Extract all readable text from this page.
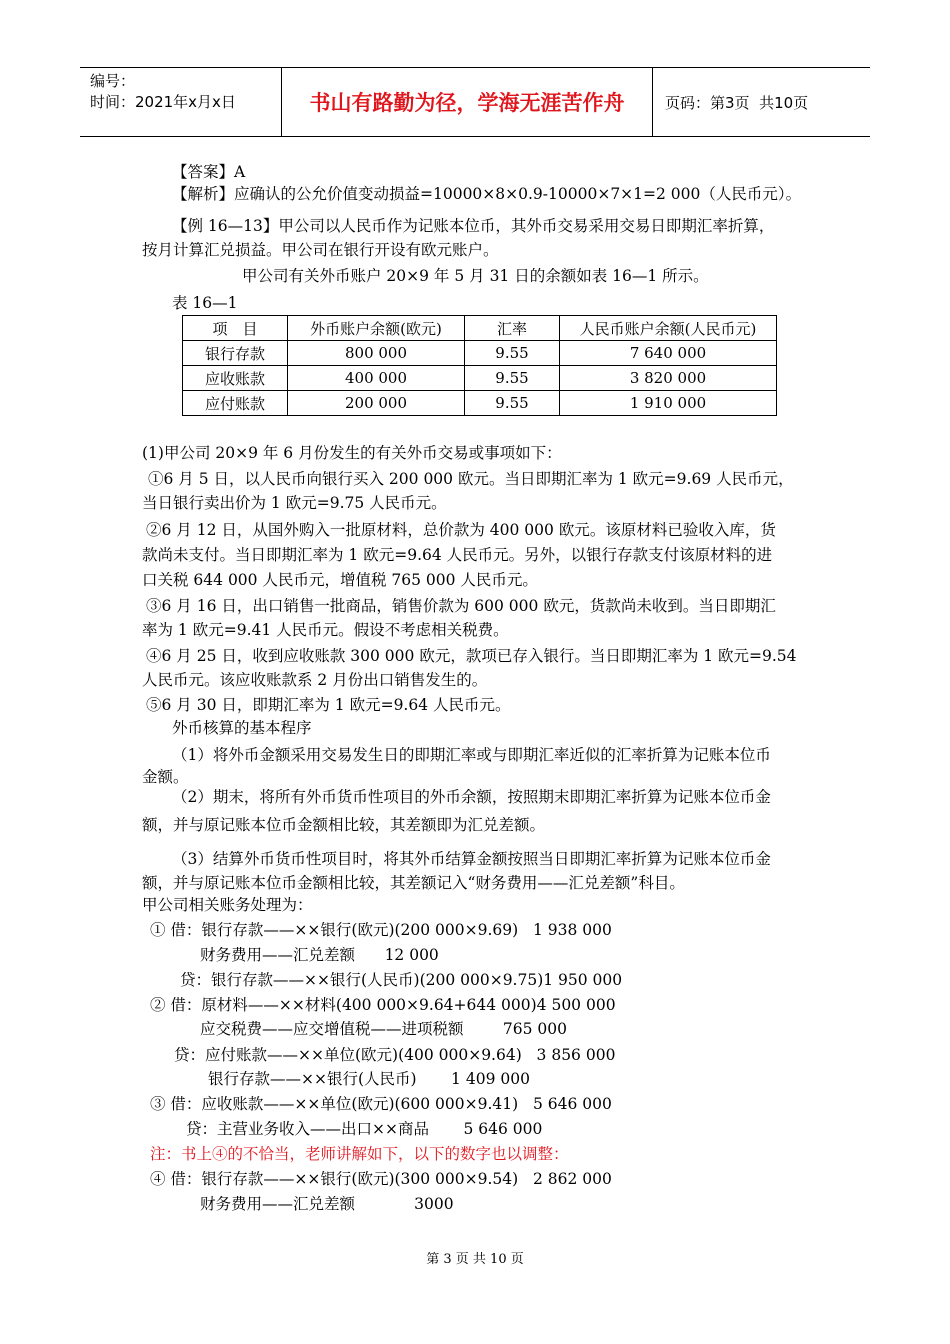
编号：
时间：2021年x月x日	书山有路勤为径，学海无涯苦作舟	页码：第3页  共10页
【答案】A
【解析】应确认的公允价值变动损益=10000×8×0.9-10000×7×1=2 000（人民币元）。
【例 16—13】甲公司以人民币作为记账本位币，其外币交易采用交易日即期汇率折算，
按月计算汇兑损益。甲公司在银行开设有欧元账户。
甲公司有关外币账户 20×9 年 5 月 31 日的余额如表 16—1 所示。
表 16—1
项　目	外币账户余额(欧元)	汇率	人民币账户余额(人民币元)
银行存款	800 000	9.55	7 640 000
应收账款	400 000	9.55	3 820 000
应付账款	200 000	9.55	1 910 000
(1)甲公司 20×9 年 6 月份发生的有关外币交易或事项如下：
①6 月 5 日，以人民币向银行买入 200 000 欧元。当日即期汇率为 1 欧元=9.69 人民币元，
当日银行卖出价为 1 欧元=9.75 人民币元。
②6 月 12 日，从国外购入一批原材料，总价款为 400 000 欧元。该原材料已验收入库，货
款尚未支付。当日即期汇率为 1 欧元=9.64 人民币元。另外，以银行存款支付该原材料的进
口关税 644 000 人民币元，增值税 765 000 人民币元。
③6 月 16 日，出口销售一批商品，销售价款为 600 000 欧元，货款尚未收到。当日即期汇
率为 1 欧元=9.41 人民币元。假设不考虑相关税费。
④6 月 25 日，收到应收账款 300 000 欧元，款项已存入银行。当日即期汇率为 1 欧元=9.54
人民币元。该应收账款系 2 月份出口销售发生的。
⑤6 月 30 日，即期汇率为 1 欧元=9.64 人民币元。
外币核算的基本程序
（1）将外币金额采用交易发生日的即期汇率或与即期汇率近似的汇率折算为记账本位币
金额。
（2）期末，将所有外币货币性项目的外币余额，按照期末即期汇率折算为记账本位币金
额，并与原记账本位币金额相比较，其差额即为汇兑差额。
（3）结算外币货币性项目时，将其外币结算金额按照当日即期汇率折算为记账本位币金
额，并与原记账本位币金额相比较，其差额记入“财务费用——汇兑差额”科目。
甲公司相关账务处理为：
① 借：银行存款——××银行(欧元)(200 000×9.69)   1 938 000
财务费用——汇兑差额      12 000
贷：银行存款——××银行(人民币)(200 000×9.75)1 950 000
② 借：原材料——××材料(400 000×9.64+644 000)4 500 000
应交税费——应交增值税——进项税额        765 000
贷：应付账款——××单位(欧元)(400 000×9.64)   3 856 000
银行存款——××银行(人民币)       1 409 000
③ 借：应收账款——××单位(欧元)(600 000×9.41)   5 646 000
贷：主营业务收入——出口××商品       5 646 000
注：书上④的不恰当，老师讲解如下，以下的数字也以调整：
④ 借：银行存款——××银行(欧元)(300 000×9.54)   2 862 000
财务费用——汇兑差额            3000
第 3 页 共 10 页
